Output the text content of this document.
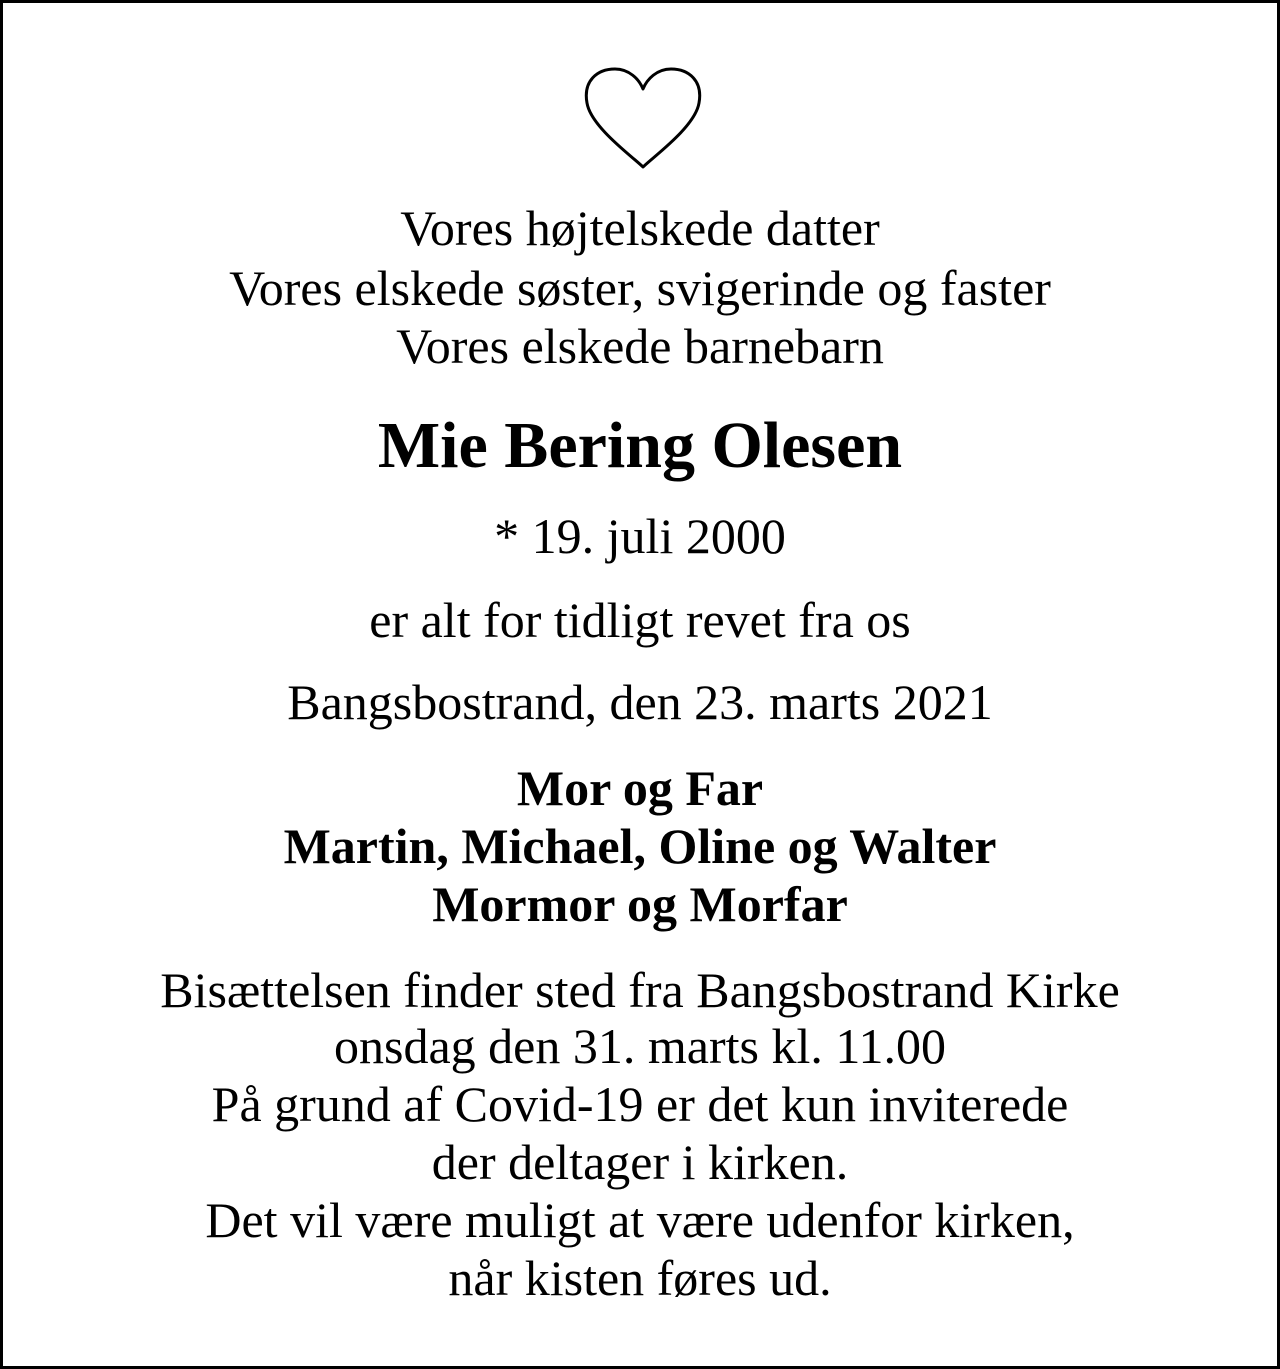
Vores højtelskede datter
Vores elskede søster, svigerinde og faster
Vores elskede barnebarn
Mie Bering Olesen
* 19. juli 2000
er alt for tidligt revet fra os
Bangsbostrand, den 23. marts 2021
Mor og Far
Martin, Michael, Oline og Walter
Mormor og Morfar
Bisættelsen finder sted fra Bangsbostrand Kirke
onsdag den 31. marts kl. 11.00
På grund af Covid-19 er det kun inviterede
der deltager i kirken.
Det vil være muligt at være udenfor kirken,
når kisten føres ud.
